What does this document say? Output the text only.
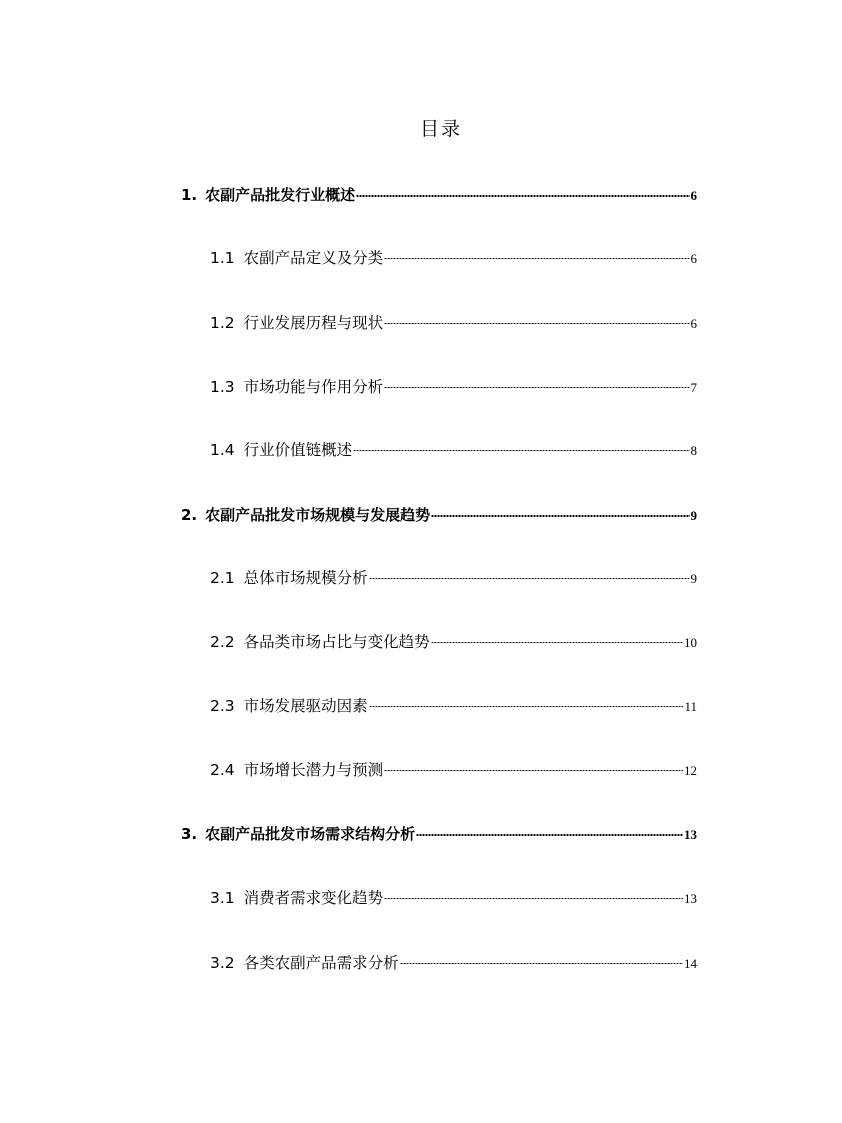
目录
1. 农副产品批发行业概述	6
1.1 农副产品定义及分类	6
1.2 行业发展历程与现状	6
1.3 市场功能与作用分析	7
1.4 行业价值链概述	8
2. 农副产品批发市场规模与发展趋势	9
2.1 总体市场规模分析	9
2.2 各品类市场占比与变化趋势	10
2.3 市场发展驱动因素	11
2.4 市场增长潜力与预测	12
3. 农副产品批发市场需求结构分析	13
3.1 消费者需求变化趋势	13
3.2 各类农副产品需求分析	14
